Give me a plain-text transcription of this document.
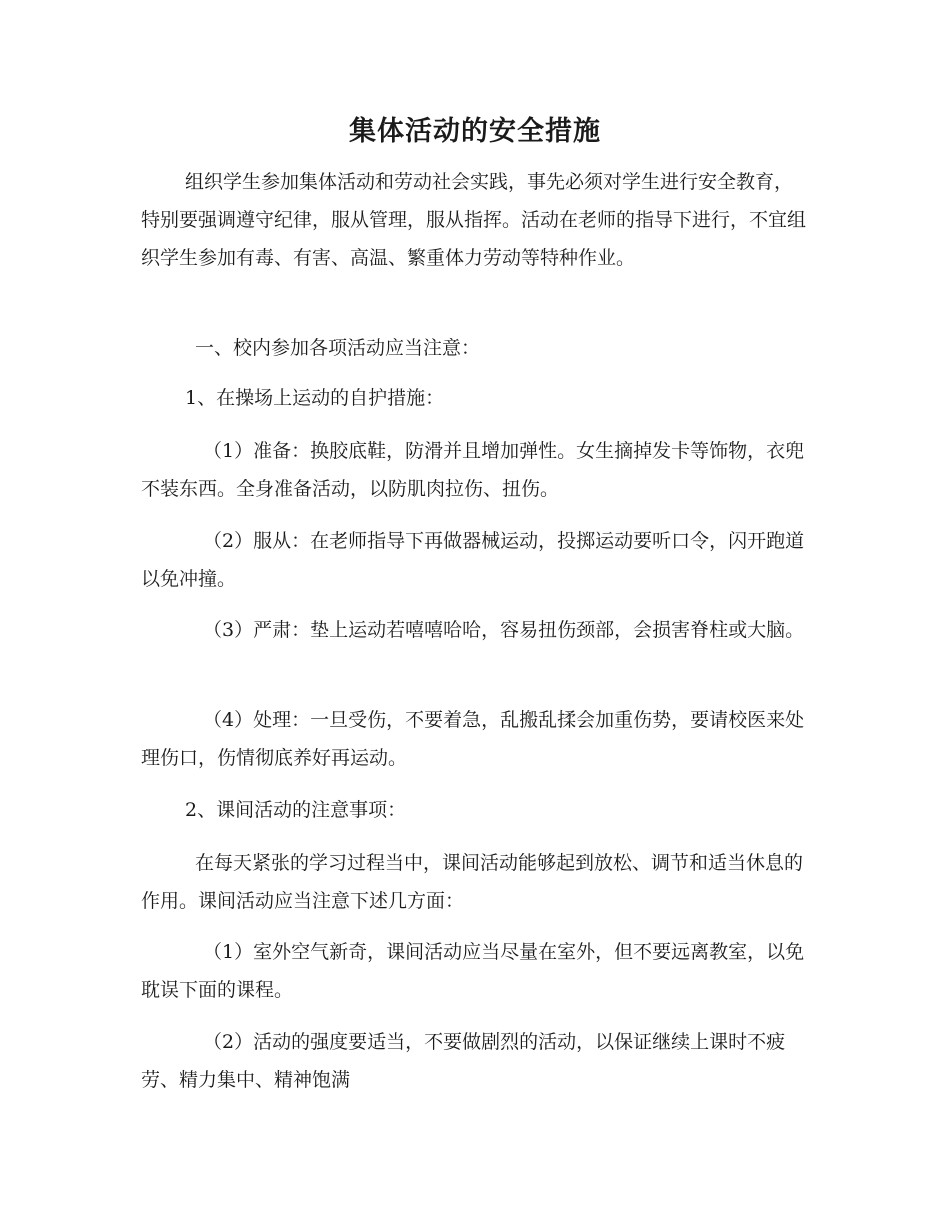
集体活动的安全措施

组织学生参加集体活动和劳动社会实践，事先必须对学生进行安全教育，特别要强调遵守纪律，服从管理，服从指挥。活动在老师的指导下进行，不宜组织学生参加有毒、有害、高温、繁重体力劳动等特种作业。

一、校内参加各项活动应当注意：

1、在操场上运动的自护措施：

（1）准备：换胶底鞋，防滑并且增加弹性。女生摘掉发卡等饰物，衣兜不装东西。全身准备活动，以防肌肉拉伤、扭伤。

（2）服从：在老师指导下再做器械运动，投掷运动要听口令，闪开跑道以免冲撞。

（3）严肃：垫上运动若嘻嘻哈哈，容易扭伤颈部，会损害脊柱或大脑。

（4）处理：一旦受伤，不要着急，乱搬乱揉会加重伤势，要请校医来处理伤口，伤情彻底养好再运动。

2、课间活动的注意事项：

在每天紧张的学习过程当中，课间活动能够起到放松、调节和适当休息的作用。课间活动应当注意下述几方面：

（1）室外空气新奇，课间活动应当尽量在室外，但不要远离教室，以免耽误下面的课程。

（2）活动的强度要适当，不要做剧烈的活动，以保证继续上课时不疲劳、精力集中、精神饱满
